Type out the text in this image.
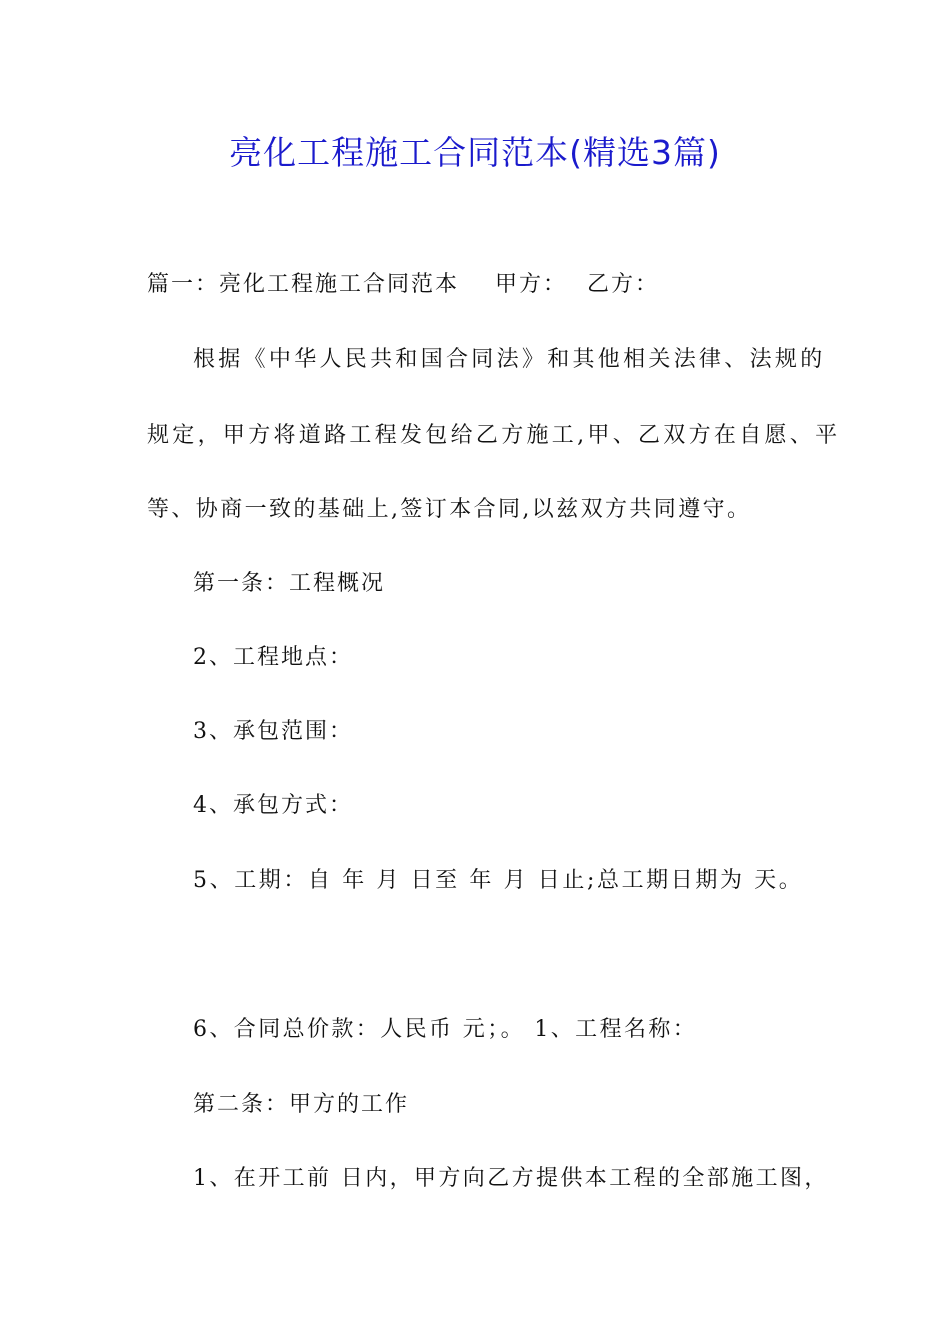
亮化工程施工合同范本(精选3篇)
篇一：亮化工程施工合同范本 甲方： 乙方：
根据《中华人民共和国合同法》和其他相关法律、法规的
规定，甲方将道路工程发包给乙方施工,甲、乙双方在自愿、平
等、协商一致的基础上,签订本合同,以兹双方共同遵守。
第一条：工程概况
2、工程地点：
3、承包范围：
4、承包方式：
5、工期：自 年 月 日至 年 月 日止;总工期日期为 天。
6、合同总价款：人民币 元；。 1、工程名称：
第二条：甲方的工作
1、在开工前 日内，甲方向乙方提供本工程的全部施工图，
